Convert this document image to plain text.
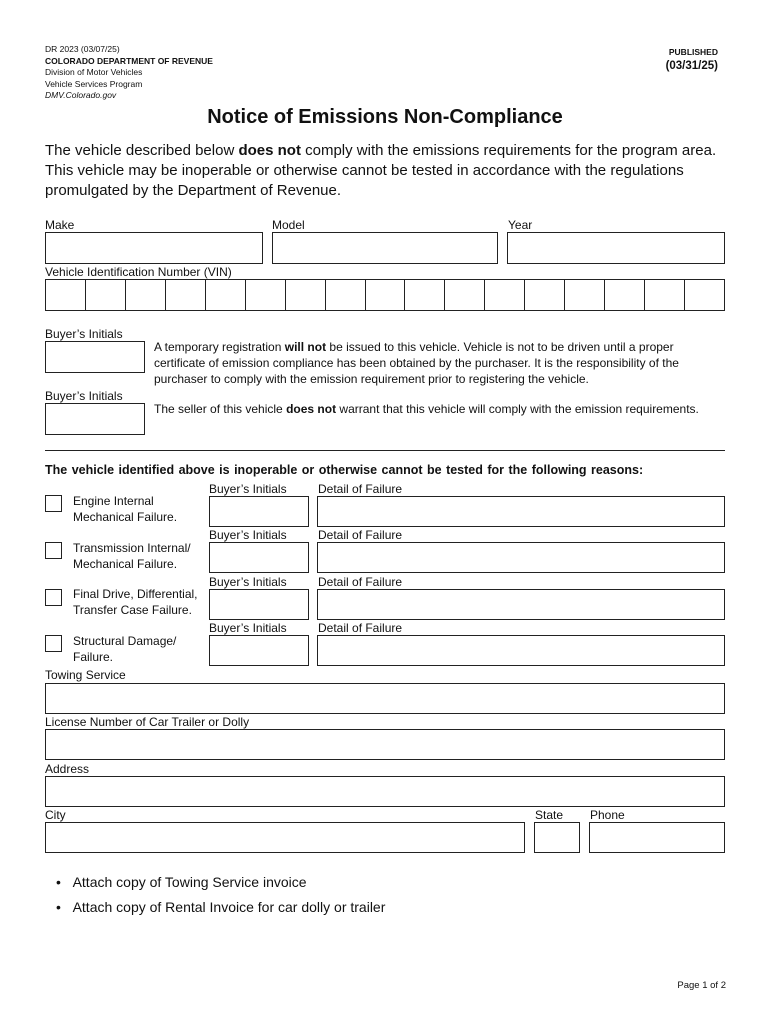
DR 2023 (03/07/25)
COLORADO DEPARTMENT OF REVENUE
Division of Motor Vehicles
Vehicle Services Program
DMV.Colorado.gov
PUBLISHED
(03/31/25)
Notice of Emissions Non-Compliance
The vehicle described below does not comply with the emissions requirements for the program area.
This vehicle may be inoperable or otherwise cannot be tested in accordance with the regulations
promulgated by the Department of Revenue.
Make	Model	Year
Vehicle Identification Number (VIN)
Buyer’s Initials
A temporary registration will not be issued to this vehicle. Vehicle is not to be driven until a proper
certificate of emission compliance has been obtained by the purchaser. It is the responsibility of the
purchaser to comply with the emission requirement prior to registering the vehicle.
Buyer’s Initials
The seller of this vehicle does not warrant that this vehicle will comply with the emission requirements.
The vehicle identified above is inoperable or otherwise cannot be tested for the following reasons:
Buyer’s Initials	Detail of Failure
Engine Internal
Mechanical Failure.
Buyer’s Initials	Detail of Failure
Transmission Internal/
Mechanical Failure.
Buyer’s Initials	Detail of Failure
Final Drive, Differential,
Transfer Case Failure.
Buyer’s Initials	Detail of Failure
Structural Damage/
Failure.
Towing Service
License Number of Car Trailer or Dolly
Address
City	State Phone
•   Attach copy of Towing Service invoice
•   Attach copy of Rental Invoice for car dolly or trailer
Page 1 of 2
